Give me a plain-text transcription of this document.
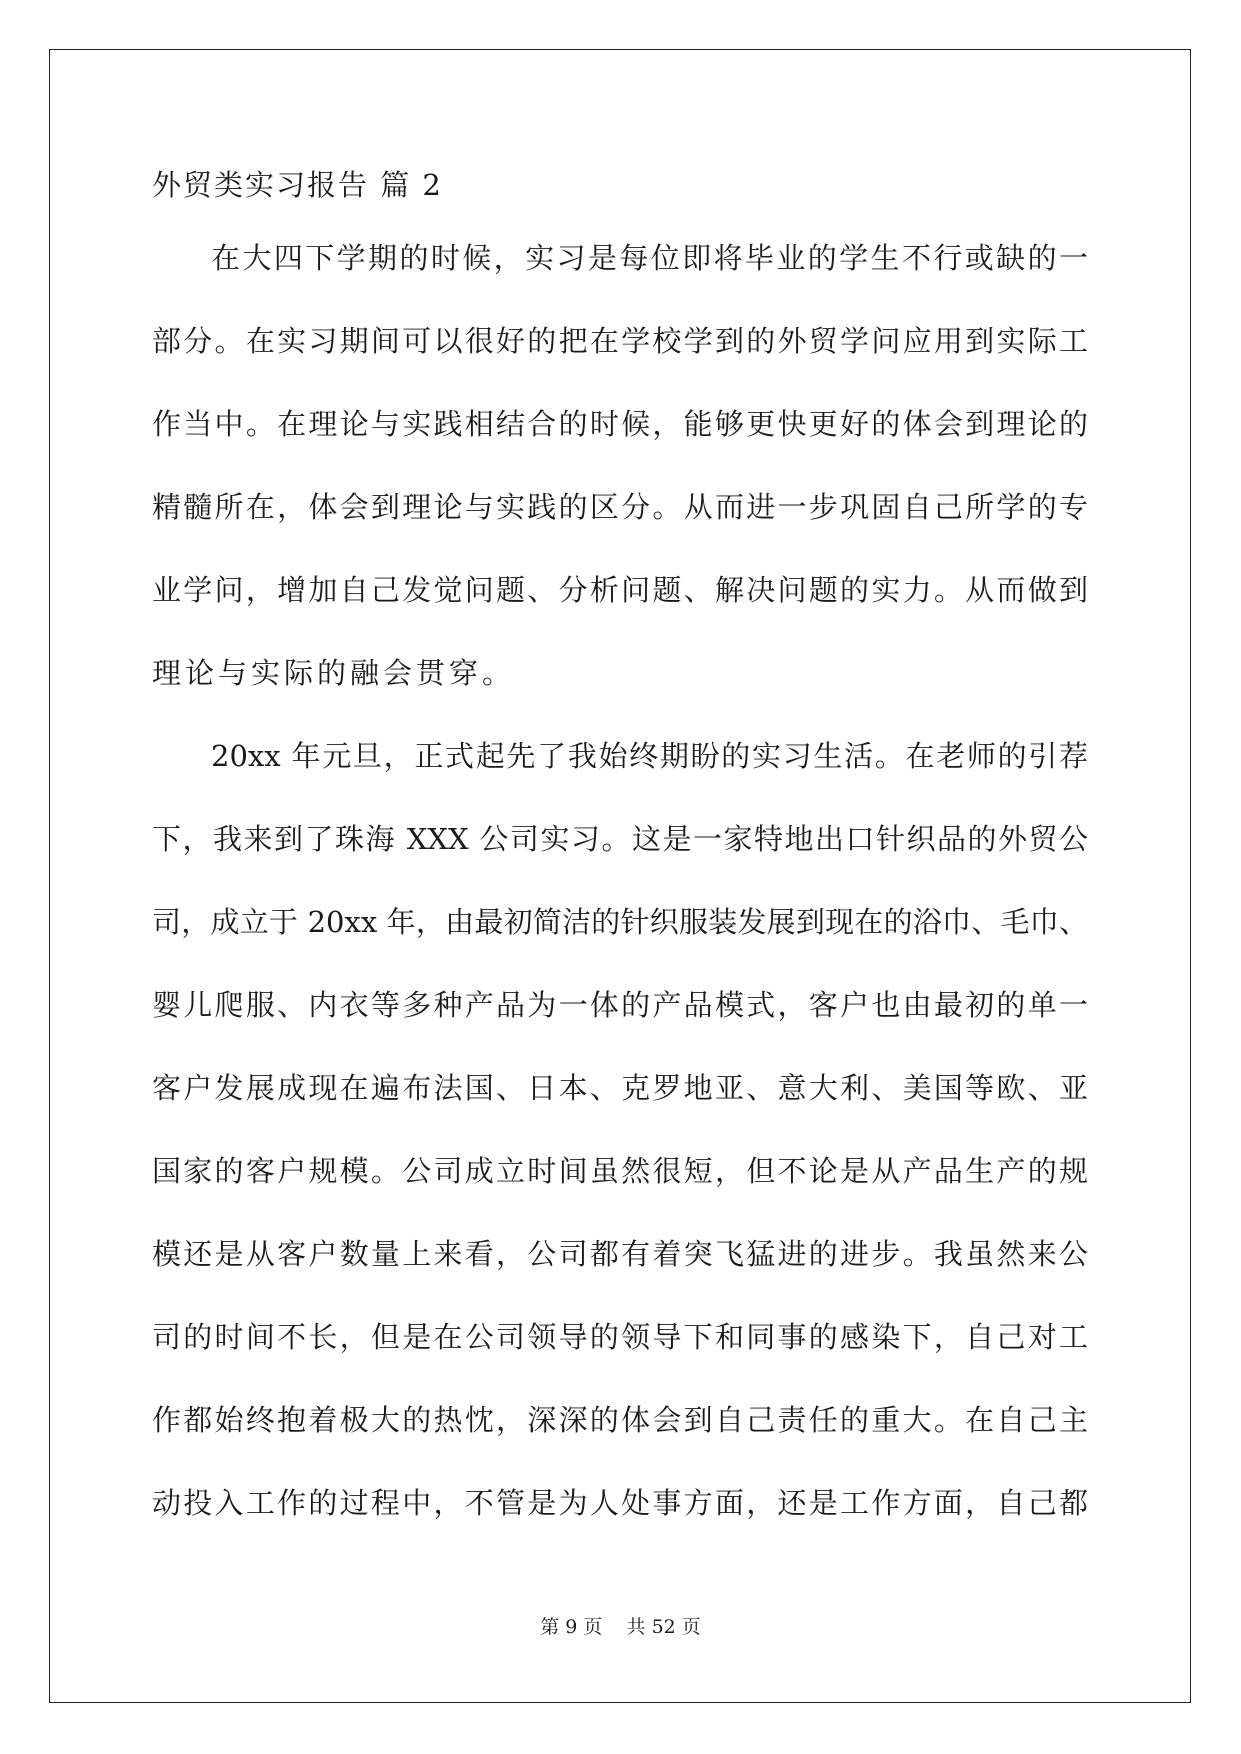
外贸类实习报告 篇 2
在大四下学期的时候，实习是每位即将毕业的学生不行或缺的一
部分。在实习期间可以很好的把在学校学到的外贸学问应用到实际工
作当中。在理论与实践相结合的时候，能够更快更好的体会到理论的
精髓所在，体会到理论与实践的区分。从而进一步巩固自己所学的专
业学问，增加自己发觉问题、分析问题、解决问题的实力。从而做到
理论与实际的融会贯穿。
20xx 年元旦，正式起先了我始终期盼的实习生活。在老师的引荐
下，我来到了珠海 XXX 公司实习。这是一家特地出口针织品的外贸公
司，成立于 20xx 年，由最初简洁的针织服装发展到现在的浴巾、毛巾、
婴儿爬服、内衣等多种产品为一体的产品模式，客户也由最初的单一
客户发展成现在遍布法国、日本、克罗地亚、意大利、美国等欧、亚
国家的客户规模。公司成立时间虽然很短，但不论是从产品生产的规
模还是从客户数量上来看，公司都有着突飞猛进的进步。我虽然来公
司的时间不长，但是在公司领导的领导下和同事的感染下，自己对工
作都始终抱着极大的热忱，深深的体会到自己责任的重大。在自己主
动投入工作的过程中，不管是为人处事方面，还是工作方面，自己都
第 9 页    共 52 页
